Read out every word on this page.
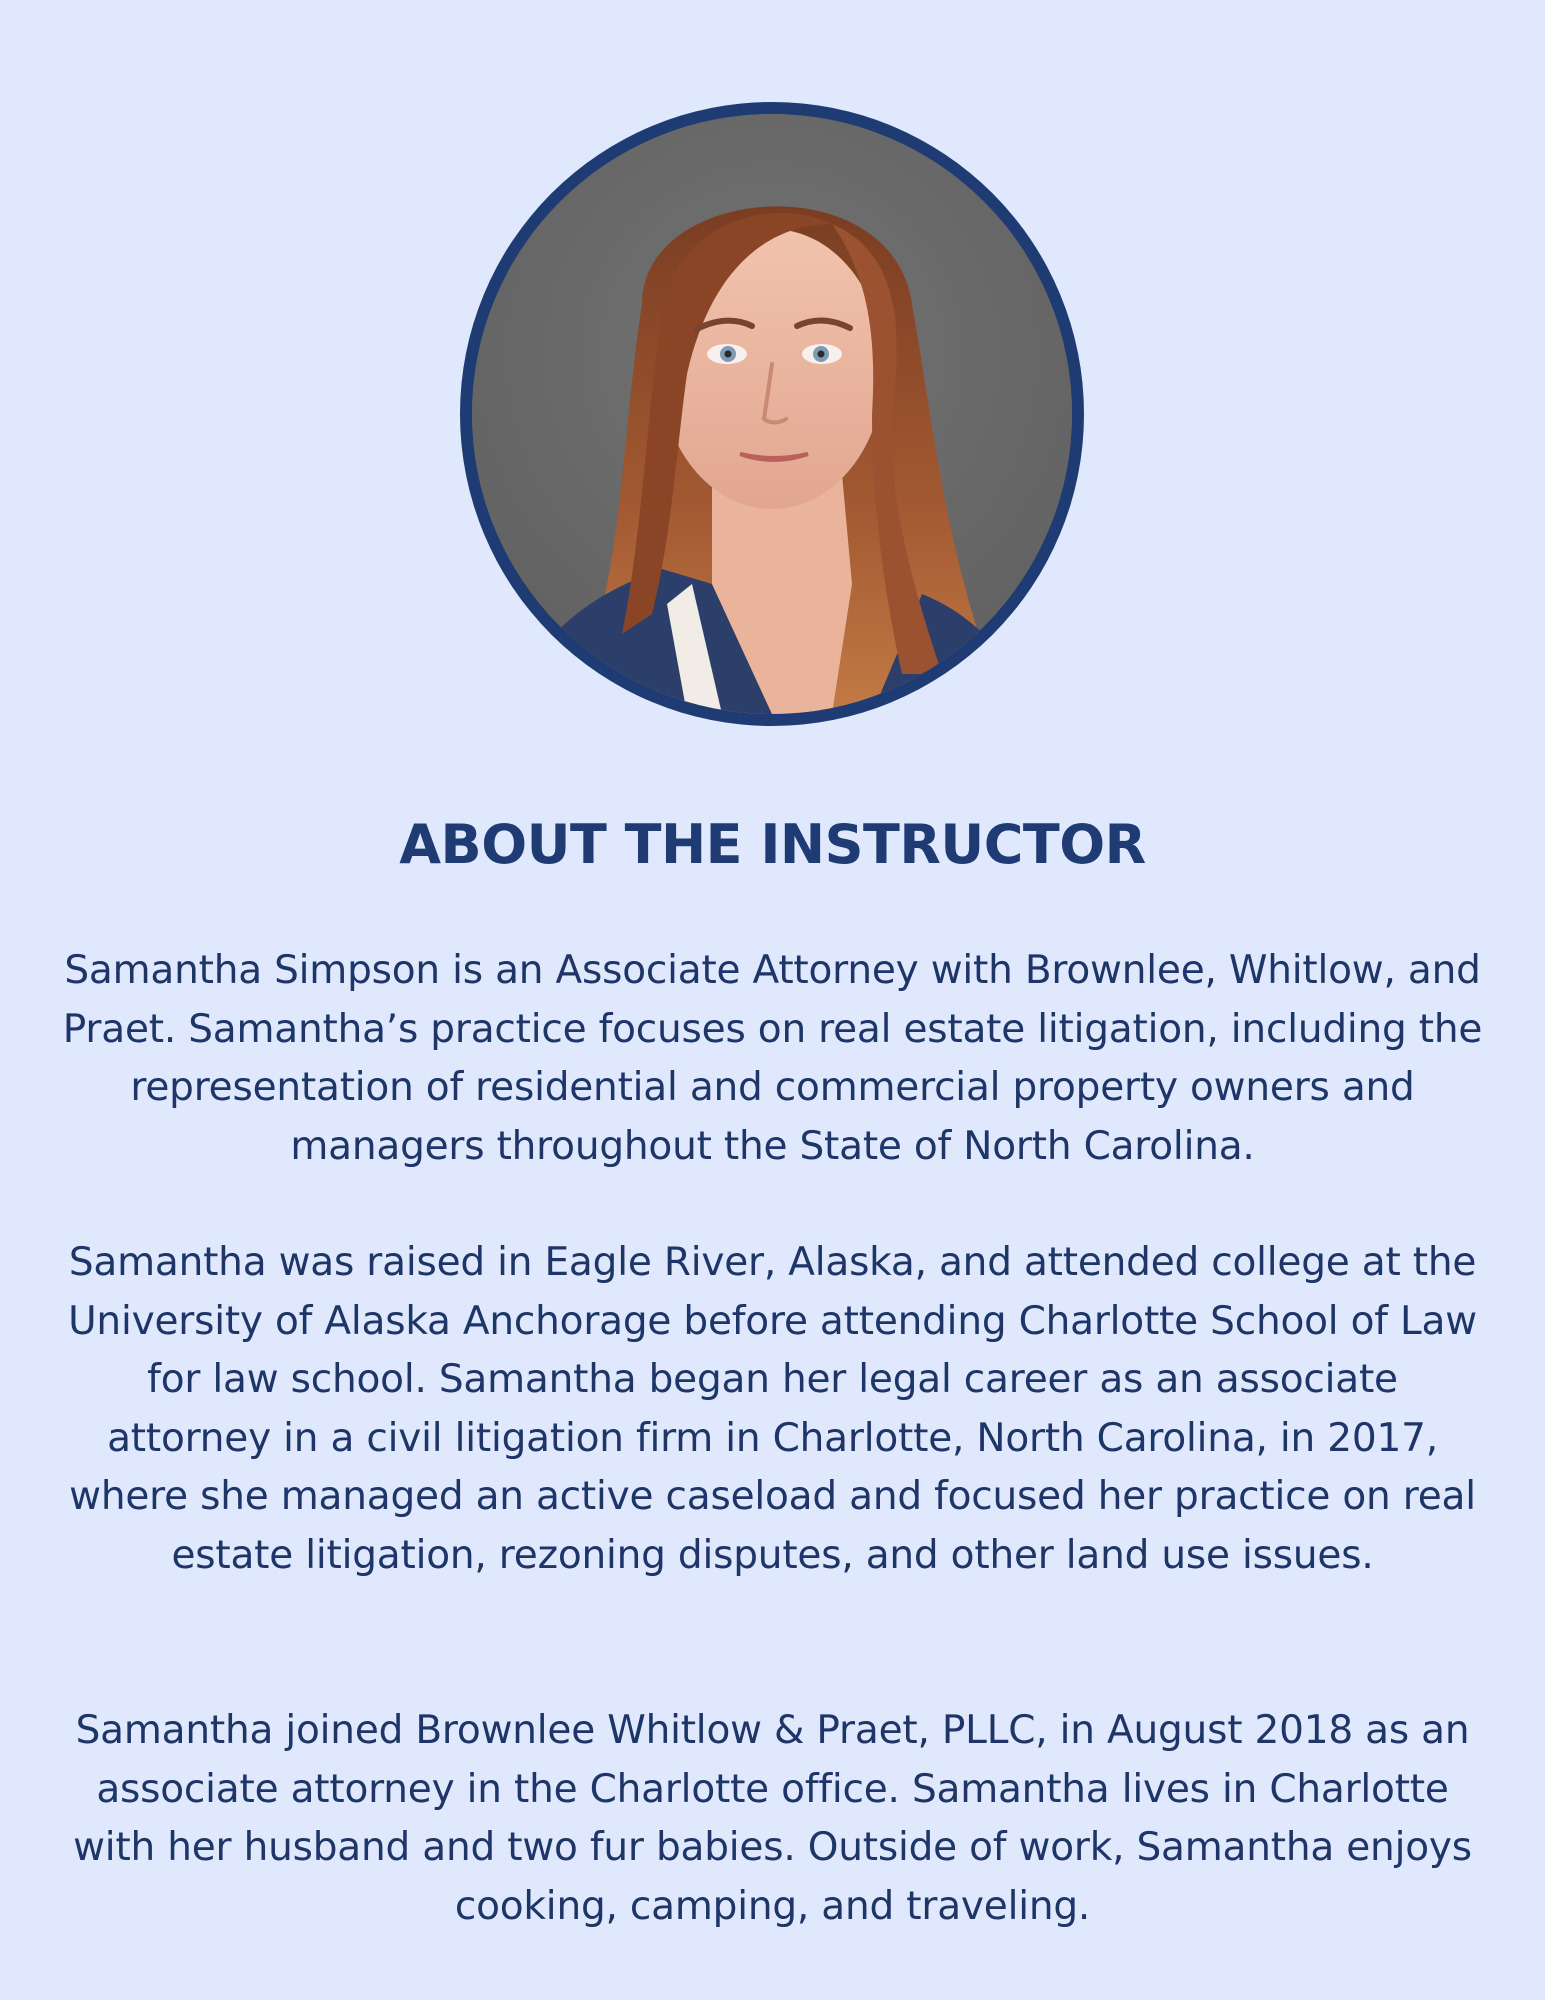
ABOUT THE INSTRUCTOR
Samantha Simpson is an Associate Attorney with Brownlee, Whitlow, and Praet. Samantha’s practice focuses on real estate litigation, including the representation of residential and commercial property owners and managers throughout the State of North Carolina.
Samantha was raised in Eagle River, Alaska, and attended college at the University of Alaska Anchorage before attending Charlotte School of Law for law school. Samantha began her legal career as an associate attorney in a civil litigation firm in Charlotte, North Carolina, in 2017, where she managed an active caseload and focused her practice on real estate litigation, rezoning disputes, and other land use issues.
Samantha joined Brownlee Whitlow & Praet, PLLC, in August 2018 as an associate attorney in the Charlotte office. Samantha lives in Charlotte with her husband and two fur babies. Outside of work, Samantha enjoys cooking, camping, and traveling.
